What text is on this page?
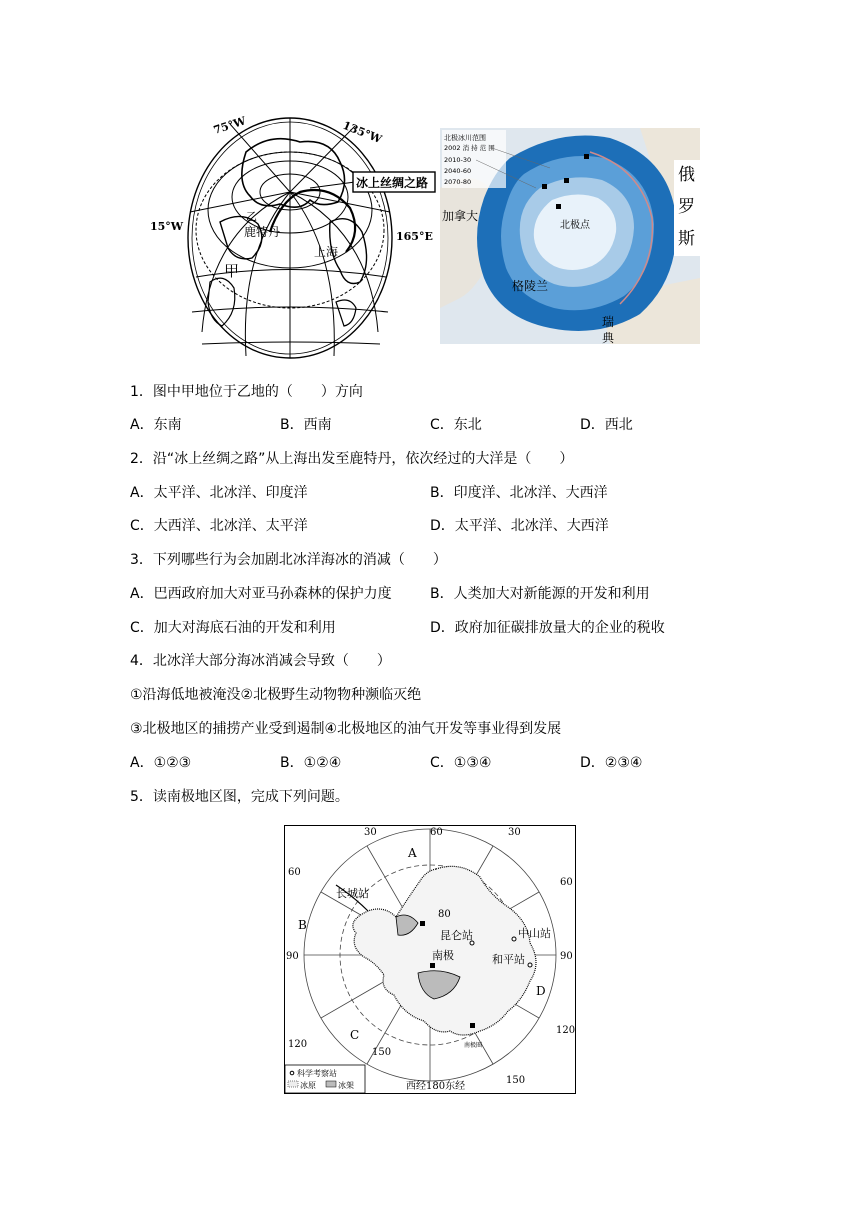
冰上丝绸之路
75°W	135°W
15°W
165°E
乙
鹿特丹
上海
甲
北极冰川范围
2002 消 持 范 围
2010-30
2040-60
2070-80
加拿大
北极点
格陵兰
俄
罗
斯
瑞
典
1．图中甲地位于乙地的（　　）方向
A．东南	B．西南	C．东北	D．西北
2．沿“冰上丝绸之路”从上海出发至鹿特丹，依次经过的大洋是（　　）
A．太平洋、北冰洋、印度洋	B．印度洋、北冰洋、大西洋
C．大西洋、北冰洋、太平洋	D．太平洋、北冰洋、大西洋
3．下列哪些行为会加剧北冰洋海冰的消减（　　）
A．巴西政府加大对亚马孙森林的保护力度	B．人类加大对新能源的开发和利用
C．加大对海底石油的开发和利用	D．政府加征碳排放量大的企业的税收
4．北冰洋大部分海冰消减会导致（　　）
①沿海低地被淹没②北极野生动物物种濒临灭绝
③北极地区的捕捞产业受到遏制④北极地区的油气开发等事业得到发展
A．①②③	B．①②④	C．①③④	D．②③④
5．读南极地区图，完成下列问题。
30	60	30
60
60
90	90
120
120
150
150
80
A
B
C
D
长城站
昆仑站	中山站
南极	和平站
南极圈
西经180东经
科学考察站
冰原	冰架
